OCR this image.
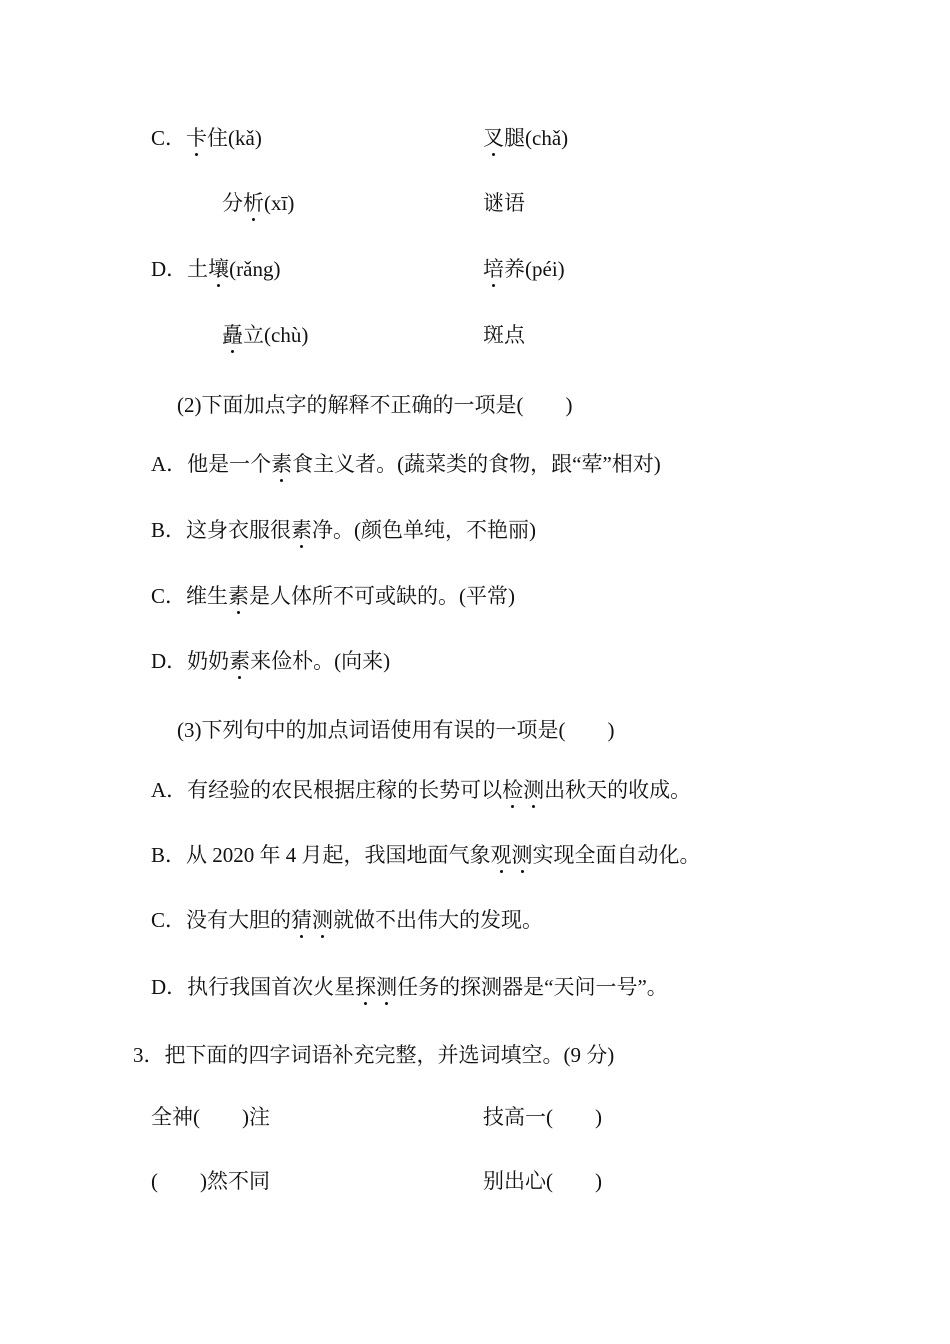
C．卡住(kǎ)	叉腿(chǎ)
分析(xī)	谜语
D．土壤(rǎng)	培养(péi)
矗立(chù)	斑点
(2)下面加点字的解释不正确的一项是(　　)
A．他是一个素食主义者。(蔬菜类的食物，跟“荤”相对)
B．这身衣服很素净。(颜色单纯，不艳丽)
C．维生素是人体所不可或缺的。(平常)
D．奶奶素来俭朴。(向来)
(3)下列句中的加点词语使用有误的一项是(　　)
A．有经验的农民根据庄稼的长势可以检测出秋天的收成。
B．从 2020 年 4 月起，我国地面气象观测实现全面自动化。
C．没有大胆的猜测就做不出伟大的发现。
D．执行我国首次火星探测任务的探测器是“天问一号”。
3．把下面的四字词语补充完整，并选词填空。(9 分)
全神(　　)注	技高一(　　)
(　　)然不同	别出心(　　)
